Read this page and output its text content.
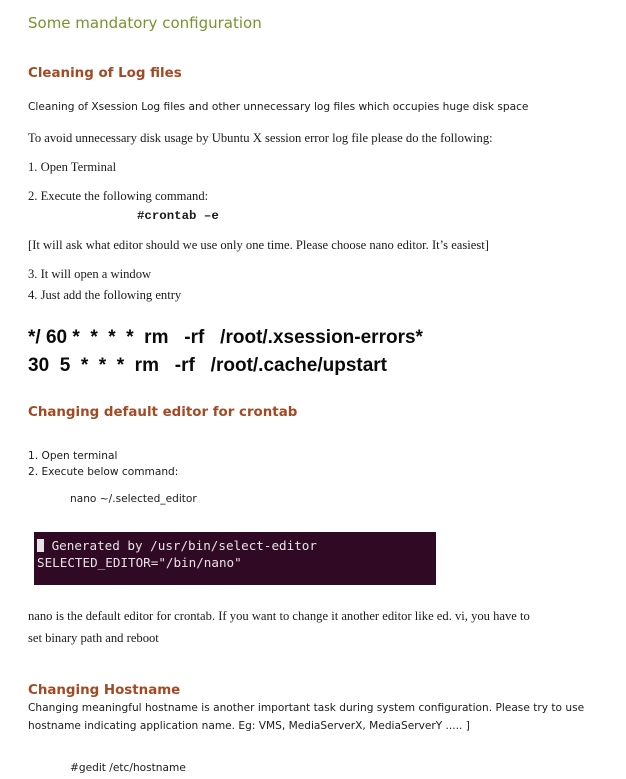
Some mandatory configuration
Cleaning of Log files
Cleaning of Xsession Log files and other unnecessary log files which occupies huge disk space
To avoid unnecessary disk usage by Ubuntu X session error log file please do the following:
1. Open Terminal
2. Execute the following command:
#crontab –e
[It will ask what editor should we use only one time. Please choose nano editor. It’s easiest]
3. It will open a window
4. Just add the following entry
*/ 60 *  *  *  *  rm   -rf   /root/.xsession-errors*
30  5  *  *  *  rm   -rf   /root/.cache/upstart
Changing default editor for crontab
1. Open terminal
2. Execute below command:
nano ~/.selected_editor
Generated by /usr/bin/select-editor
SELECTED_EDITOR="/bin/nano"
nano is the default editor for crontab. If you want to change it another editor like ed. vi, you have to
set binary path and reboot
Changing Hostname
Changing meaningful hostname is another important task during system configuration. Please try to use
hostname indicating application name. Eg: VMS, MediaServerX, MediaServerY ..... ]
#gedit /etc/hostname
